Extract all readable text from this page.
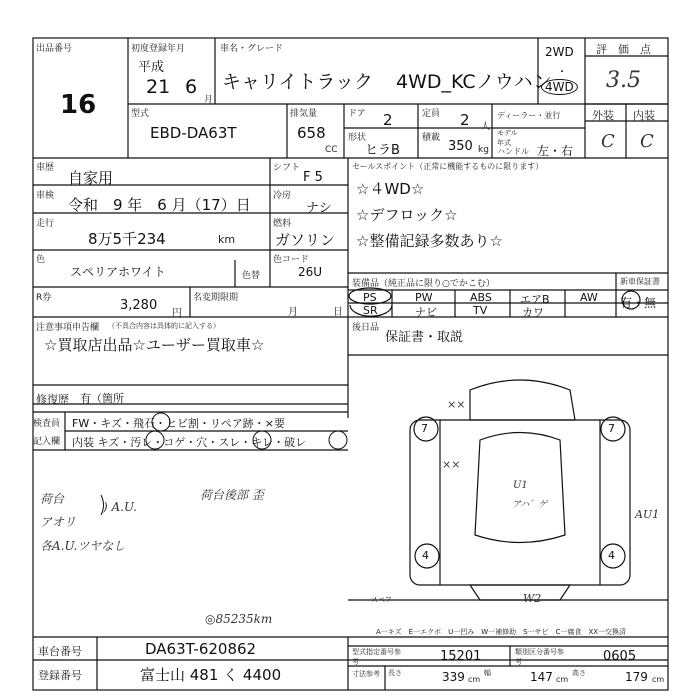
出品番号
16
初度登録年月
平成
21 6
月
車名・グレード
キャリイトラック 4WD_KCノウハン
2WD
・
4WD
評　価　点
3.5
外装 内装
C C
型式
EBD-DA63T
排気量
658
CC
ドア 2	定員 2 人
ディーラー・並行
形状
ヒラB
積載
350 kg
モデル年式
ハンドル 左・右
車歴
自家用
車検 令和　9 年　6 月（17）日
走行
8万5千234	km
シフト
F 5
冷房
ナシ
燃料
ガソリン
色
スペリアホワイト	色替
色コード
26U
R券	3,280
円
名変期限期
月	日
注意事項申告欄 （不具合内容は具体的に記入する）
☆買取店出品☆ユーザー買取車☆
修復歴 有（箇所
検査員
記入欄
FW・キズ・飛石・ヒビ割・リペア跡・×要
内装 キズ・汚レ・コゲ・穴・スレ・キレ・破レ
荷台
) A.U.
アオリ
各A.U.ツヤなし
荷台後部 歪
◎85235km
セールスポイント（正常に機能するものに限ります）
☆４WD☆
☆デフロック☆
☆整備記録多数あり☆
装備品（純正品に限り○でかこむ）	新車保証書
有・無
PS	PW	ABS	エアB	AW
SR	ナビ	TV	カワ
後日品
保証書・取説
××
7	7
××
U1
アハ゛ゲ
AU1
4	4
W2
スペア
A一キズ　E一エクボ　U一凹み　W一補修助　S一サビ　C一腐食　XX一交換済
車台番号	DA63T-620862
登録番号	富士山 481 く 4400
型式指定番号参考	15201	類別区分番号参考	0605
寸法参考 長さ	339 cm
幅	147 cm
高さ	179 cm
